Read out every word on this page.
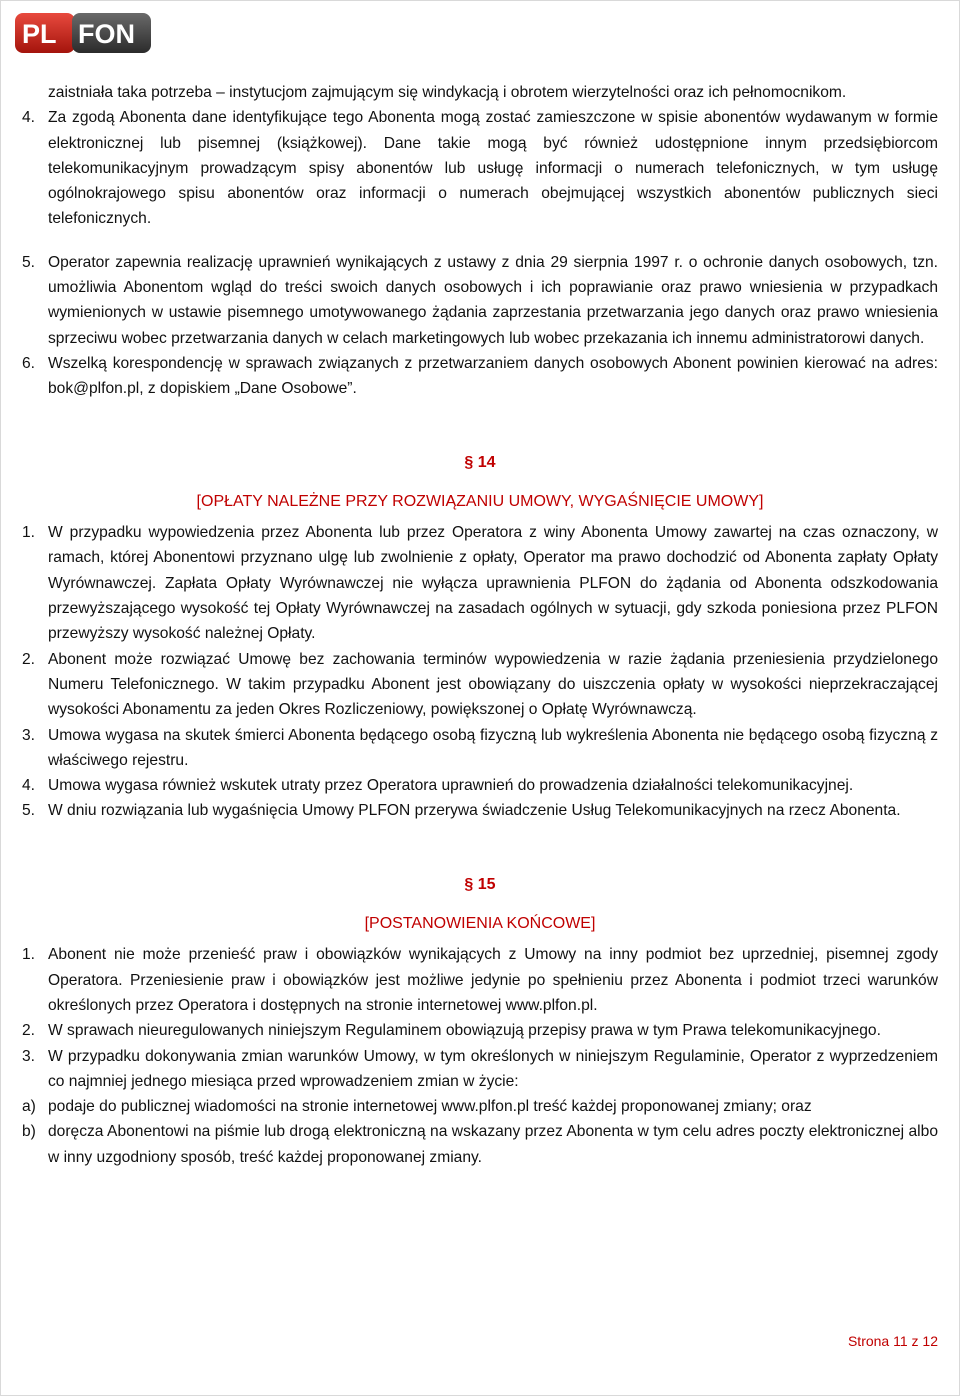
PL FON

zaistniała taka potrzeba – instytucjom zajmującym się windykacją i obrotem wierzytelności oraz ich pełnomocnikom.

4. Za zgodą Abonenta dane identyfikujące tego Abonenta mogą zostać zamieszczone w spisie abonentów wydawanym w formie elektronicznej lub pisemnej (książkowej). Dane takie mogą być również udostępnione innym przedsiębiorcom telekomunikacyjnym prowadzącym spisy abonentów lub usługę informacji o numerach telefonicznych, w tym usługę ogólnokrajowego spisu abonentów oraz informacji o numerach obejmującej wszystkich abonentów publicznych sieci telefonicznych.
5. Operator zapewnia realizację uprawnień wynikających z ustawy z dnia 29 sierpnia 1997 r. o ochronie danych osobowych, tzn. umożliwia Abonentom wgląd do treści swoich danych osobowych i ich poprawianie oraz prawo wniesienia w przypadkach wymienionych w ustawie pisemnego umotywowanego żądania zaprzestania przetwarzania jego danych oraz prawo wniesienia sprzeciwu wobec przetwarzania danych w celach marketingowych lub wobec przekazania ich innemu administratorowi danych.
6. Wszelką korespondencję w sprawach związanych z przetwarzaniem danych osobowych Abonent powinien kierować na adres: bok@plfon.pl, z dopiskiem „Dane Osobowe”.

§ 14

[OPŁATY NALEŻNE PRZY ROZWIĄZANIU UMOWY, WYGAŚNIĘCIE UMOWY]

1. W przypadku wypowiedzenia przez Abonenta lub przez Operatora z winy Abonenta Umowy zawartej na czas oznaczony, w ramach, której Abonentowi przyznano ulgę lub zwolnienie z opłaty, Operator ma prawo dochodzić od Abonenta zapłaty Opłaty Wyrównawczej. Zapłata Opłaty Wyrównawczej nie wyłącza uprawnienia PLFON do żądania od Abonenta odszkodowania przewyższającego wysokość tej Opłaty Wyrównawczej na zasadach ogólnych w sytuacji, gdy szkoda poniesiona przez PLFON przewyższy wysokość należnej Opłaty.
2. Abonent może rozwiązać Umowę bez zachowania terminów wypowiedzenia w razie żądania przeniesienia przydzielonego Numeru Telefonicznego. W takim przypadku Abonent jest obowiązany do uiszczenia opłaty w wysokości nieprzekraczającej wysokości Abonamentu za jeden Okres Rozliczeniowy, powiększonej o Opłatę Wyrównawczą.
3. Umowa wygasa na skutek śmierci Abonenta będącego osobą fizyczną lub wykreślenia Abonenta nie będącego osobą fizyczną z właściwego rejestru.
4. Umowa wygasa również wskutek utraty przez Operatora uprawnień do prowadzenia działalności telekomunikacyjnej.
5. W dniu rozwiązania lub wygaśnięcia Umowy PLFON przerywa świadczenie Usług Telekomunikacyjnych na rzecz Abonenta.

§ 15

[POSTANOWIENIA KOŃCOWE]

1. Abonent nie może przenieść praw i obowiązków wynikających z Umowy na inny podmiot bez uprzedniej, pisemnej zgody Operatora. Przeniesienie praw i obowiązków jest możliwe jedynie po spełnieniu przez Abonenta i podmiot trzeci warunków określonych przez Operatora i dostępnych na stronie internetowej www.plfon.pl.
2. W sprawach nieuregulowanych niniejszym Regulaminem obowiązują przepisy prawa w tym Prawa telekomunikacyjnego.
3. W przypadku dokonywania zmian warunków Umowy, w tym określonych w niniejszym Regulaminie, Operator z wyprzedzeniem co najmniej jednego miesiąca przed wprowadzeniem zmian w życie:
a) podaje do publicznej wiadomości na stronie internetowej www.plfon.pl treść każdej proponowanej zmiany; oraz
b) doręcza Abonentowi na piśmie lub drogą elektroniczną na wskazany przez Abonenta w tym celu adres poczty elektronicznej albo w inny uzgodniony sposób, treść każdej proponowanej zmiany.
Strona 11 z 12
